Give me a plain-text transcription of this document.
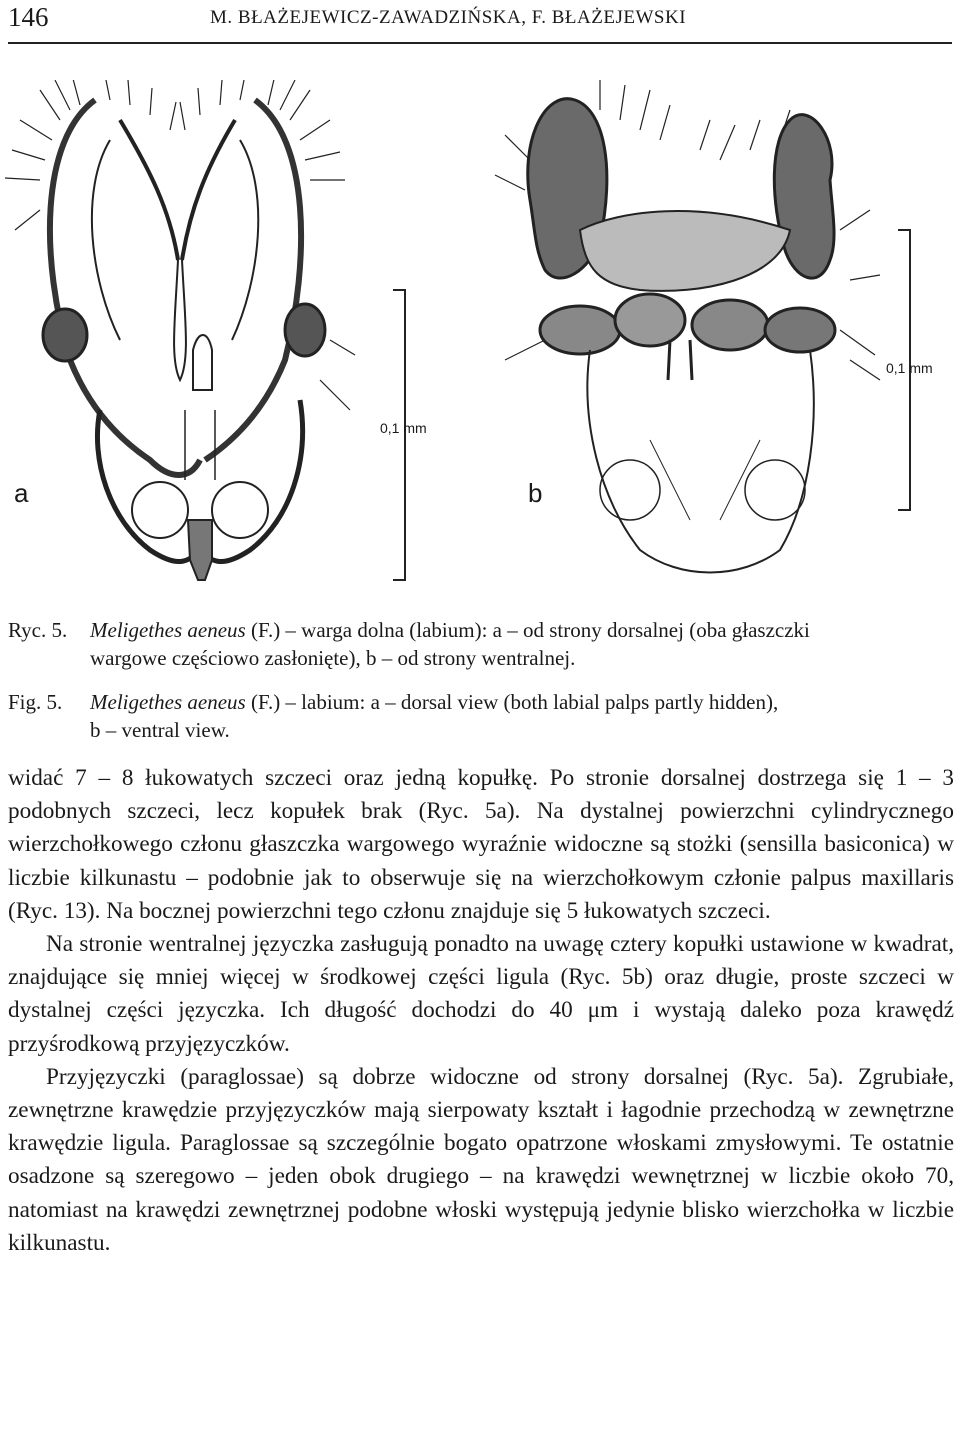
146	M. BŁAŻEJEWICZ-ZAWADZIŃSKA, F. BŁAŻEJEWSKI
a	b
0,1 mm
0,1 mm
Ryc. 5. Meligethes aeneus (F.) – warga dolna (labium): a – od strony dorsalnej (oba głaszczki
wargowe częściowo zasłonięte), b – od strony wentralnej.
Fig. 5. Meligethes aeneus (F.) – labium: a – dorsal view (both labial palps partly hidden),
b – ventral view.

widać 7 – 8 łukowatych szczeci oraz jedną kopułkę. Po stronie dorsalnej dostrzega się 1 – 3 podobnych szczeci, lecz kopułek brak (Ryc. 5a). Na dystalnej powierzchni cylindrycznego wierzchołkowego członu głaszczka wargowego wyraźnie widoczne są stożki (sensilla basiconica) w liczbie kilkunastu – podobnie jak to obserwuje się na wierzchołkowym członie palpus maxillaris (Ryc. 13). Na bocznej powierzchni tego członu znajduje się 5 łukowatych szczeci.

Na stronie wentralnej języczka zasługują ponadto na uwagę cztery kopułki ustawione w kwadrat, znajdujące się mniej więcej w środkowej części ligula (Ryc. 5b) oraz długie, proste szczeci w dystalnej części języczka. Ich długość dochodzi do 40 μm i wystają daleko poza krawędź przyśrodkową przyjęzyczków.

Przyjęzyczki (paraglossae) są dobrze widoczne od strony dorsalnej (Ryc. 5a). Zgrubiałe, zewnętrzne krawędzie przyjęzyczków mają sierpowaty kształt i łagodnie przechodzą w zewnętrzne krawędzie ligula. Paraglossae są szczególnie bogato opatrzone włoskami zmysłowymi. Te ostatnie osadzone są szeregowo – jeden obok drugiego – na krawędzi wewnętrznej w liczbie około 70, natomiast na krawędzi zewnętrznej podobne włoski występują jedynie blisko wierzchołka w liczbie kilkunastu.
